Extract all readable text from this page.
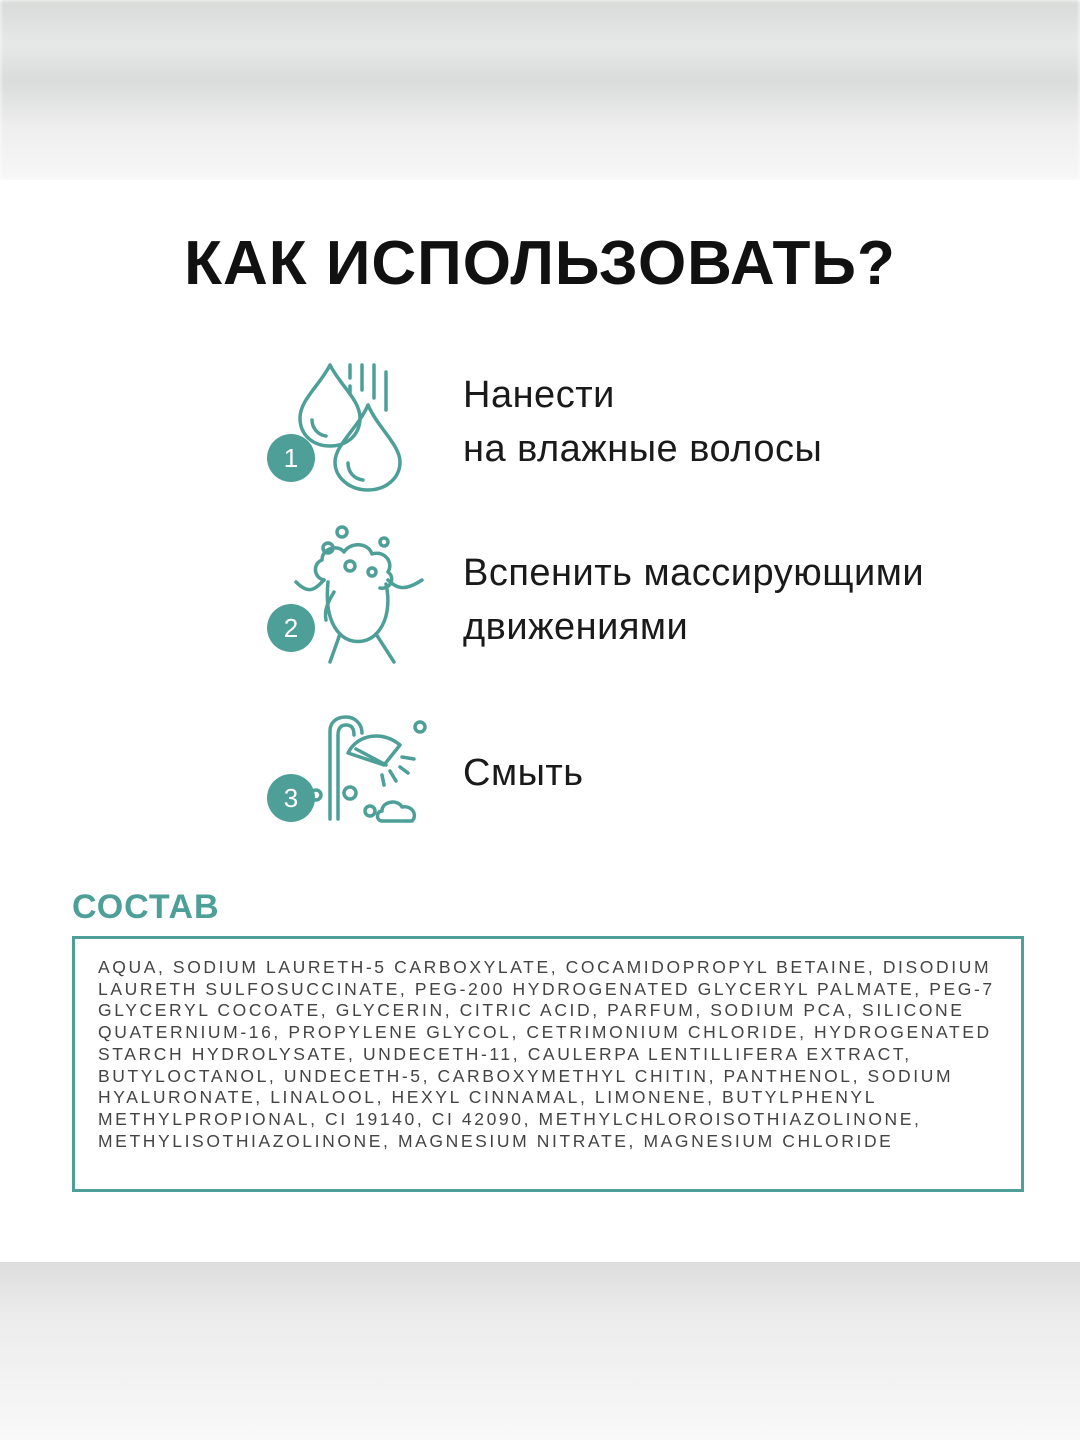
КАК ИСПОЛЬЗОВАТЬ?
1
Нанести
на влажные волосы
2
Вспенить массирующими
движениями
3
Смыть
СОСТАВ
AQUA, SODIUM LAURETH-5 CARBOXYLATE, COCAMIDOPROPYL BETAINE, DISODIUM LAURETH SULFOSUCCINATE, PEG-200 HYDROGENATED GLYCERYL PALMATE, PEG-7 GLYCERYL COCOATE, GLYCERIN, CITRIC ACID, PARFUM, SODIUM PCA, SILICONE QUATERNIUM-16, PROPYLENE GLYCOL, CETRIMONIUM CHLORIDE, HYDROGENATED STARCH HYDROLYSATE, UNDECETH-11, CAULERPA LENTILLIFERA EXTRACT, BUTYLOCTANOL, UNDECETH-5, CARBOXYMETHYL CHITIN, PANTHENOL, SODIUM HYALURONATE, LINALOOL, HEXYL CINNAMAL, LIMONENE, BUTYLPHENYL METHYLPROPIONAL, CI 19140, CI 42090, METHYLCHLOROISOTHIAZOLINONE, METHYLISOTHIAZOLINONE, MAGNESIUM NITRATE, MAGNESIUM CHLORIDE
